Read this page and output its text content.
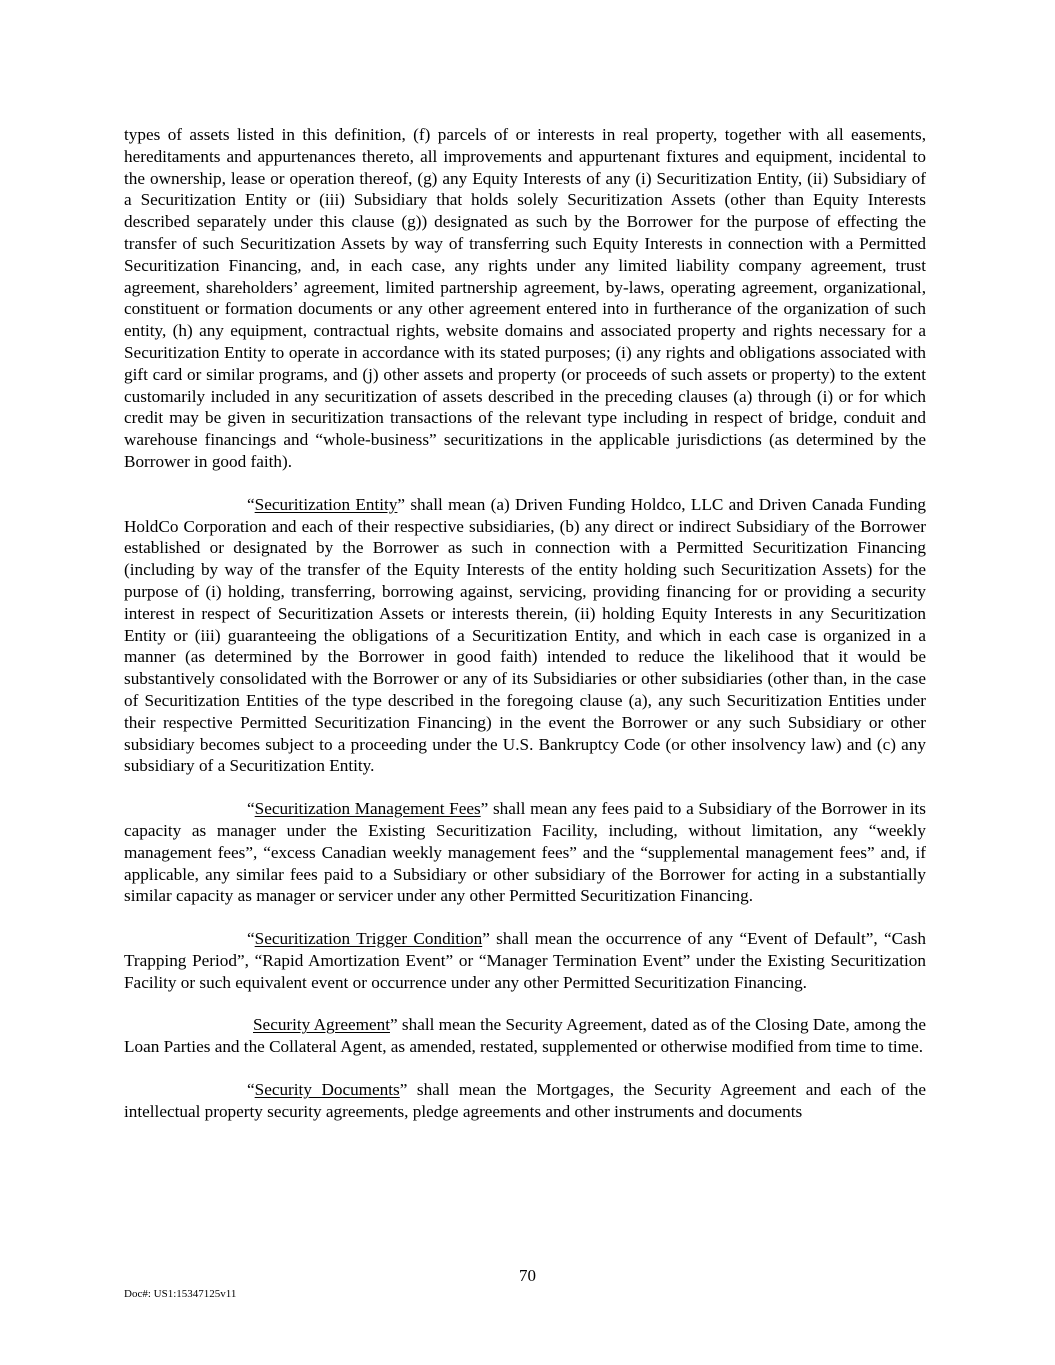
types of assets listed in this definition, (f) parcels of or interests in real property, together with all easements, hereditaments and appurtenances thereto, all improvements and appurtenant fixtures and equipment, incidental to the ownership, lease or operation thereof, (g) any Equity Interests of any (i) Securitization Entity, (ii) Subsidiary of a Securitization Entity or (iii) Subsidiary that holds solely Securitization Assets (other than Equity Interests described separately under this clause (g)) designated as such by the Borrower for the purpose of effecting the transfer of such Securitization Assets by way of transferring such Equity Interests in connection with a Permitted Securitization Financing, and, in each case, any rights under any limited liability company agreement, trust agreement, shareholders’ agreement, limited partnership agreement, by-laws, operating agreement, organizational, constituent or formation documents or any other agreement entered into in furtherance of the organization of such entity, (h) any equipment, contractual rights, website domains and associated property and rights necessary for a Securitization Entity to operate in accordance with its stated purposes; (i) any rights and obligations associated with gift card or similar programs, and (j) other assets and property (or proceeds of such assets or property) to the extent customarily included in any securitization of assets described in the preceding clauses (a) through (i) or for which credit may be given in securitization transactions of the relevant type including in respect of bridge, conduit and warehouse financings and “whole-business” securitizations in the applicable jurisdictions (as determined by the Borrower in good faith).

“Securitization Entity” shall mean (a) Driven Funding Holdco, LLC and Driven Canada Funding HoldCo Corporation and each of their respective subsidiaries, (b) any direct or indirect Subsidiary of the Borrower established or designated by the Borrower as such in connection with a Permitted Securitization Financing (including by way of the transfer of the Equity Interests of the entity holding such Securitization Assets) for the purpose of (i) holding, transferring, borrowing against, servicing, providing financing for or providing a security interest in respect of Securitization Assets or interests therein, (ii) holding Equity Interests in any Securitization Entity or (iii) guaranteeing the obligations of a Securitization Entity, and which in each case is organized in a manner (as determined by the Borrower in good faith) intended to reduce the likelihood that it would be substantively consolidated with the Borrower or any of its Subsidiaries or other subsidiaries (other than, in the case of Securitization Entities of the type described in the foregoing clause (a), any such Securitization Entities under their respective Permitted Securitization Financing) in the event the Borrower or any such Subsidiary or other subsidiary becomes subject to a proceeding under the U.S. Bankruptcy Code (or other insolvency law) and (c) any subsidiary of a Securitization Entity.

“Securitization Management Fees” shall mean any fees paid to a Subsidiary of the Borrower in its capacity as manager under the Existing Securitization Facility, including, without limitation, any “weekly management fees”, “excess Canadian weekly management fees” and the “supplemental management fees” and, if applicable, any similar fees paid to a Subsidiary or other subsidiary of the Borrower for acting in a substantially similar capacity as manager or servicer under any other Permitted Securitization Financing.

“Securitization Trigger Condition” shall mean the occurrence of any “Event of Default”, “Cash Trapping Period”, “Rapid Amortization Event” or “Manager Termination Event” under the Existing Securitization Facility or such equivalent event or occurrence under any other Permitted Securitization Financing.

Security Agreement” shall mean the Security Agreement, dated as of the Closing Date, among the Loan Parties and the Collateral Agent, as amended, restated, supplemented or otherwise modified from time to time.

“Security Documents” shall mean the Mortgages, the Security Agreement and each of the intellectual property security agreements, pledge agreements and other instruments and documents

70
Doc#: US1:15347125v11
